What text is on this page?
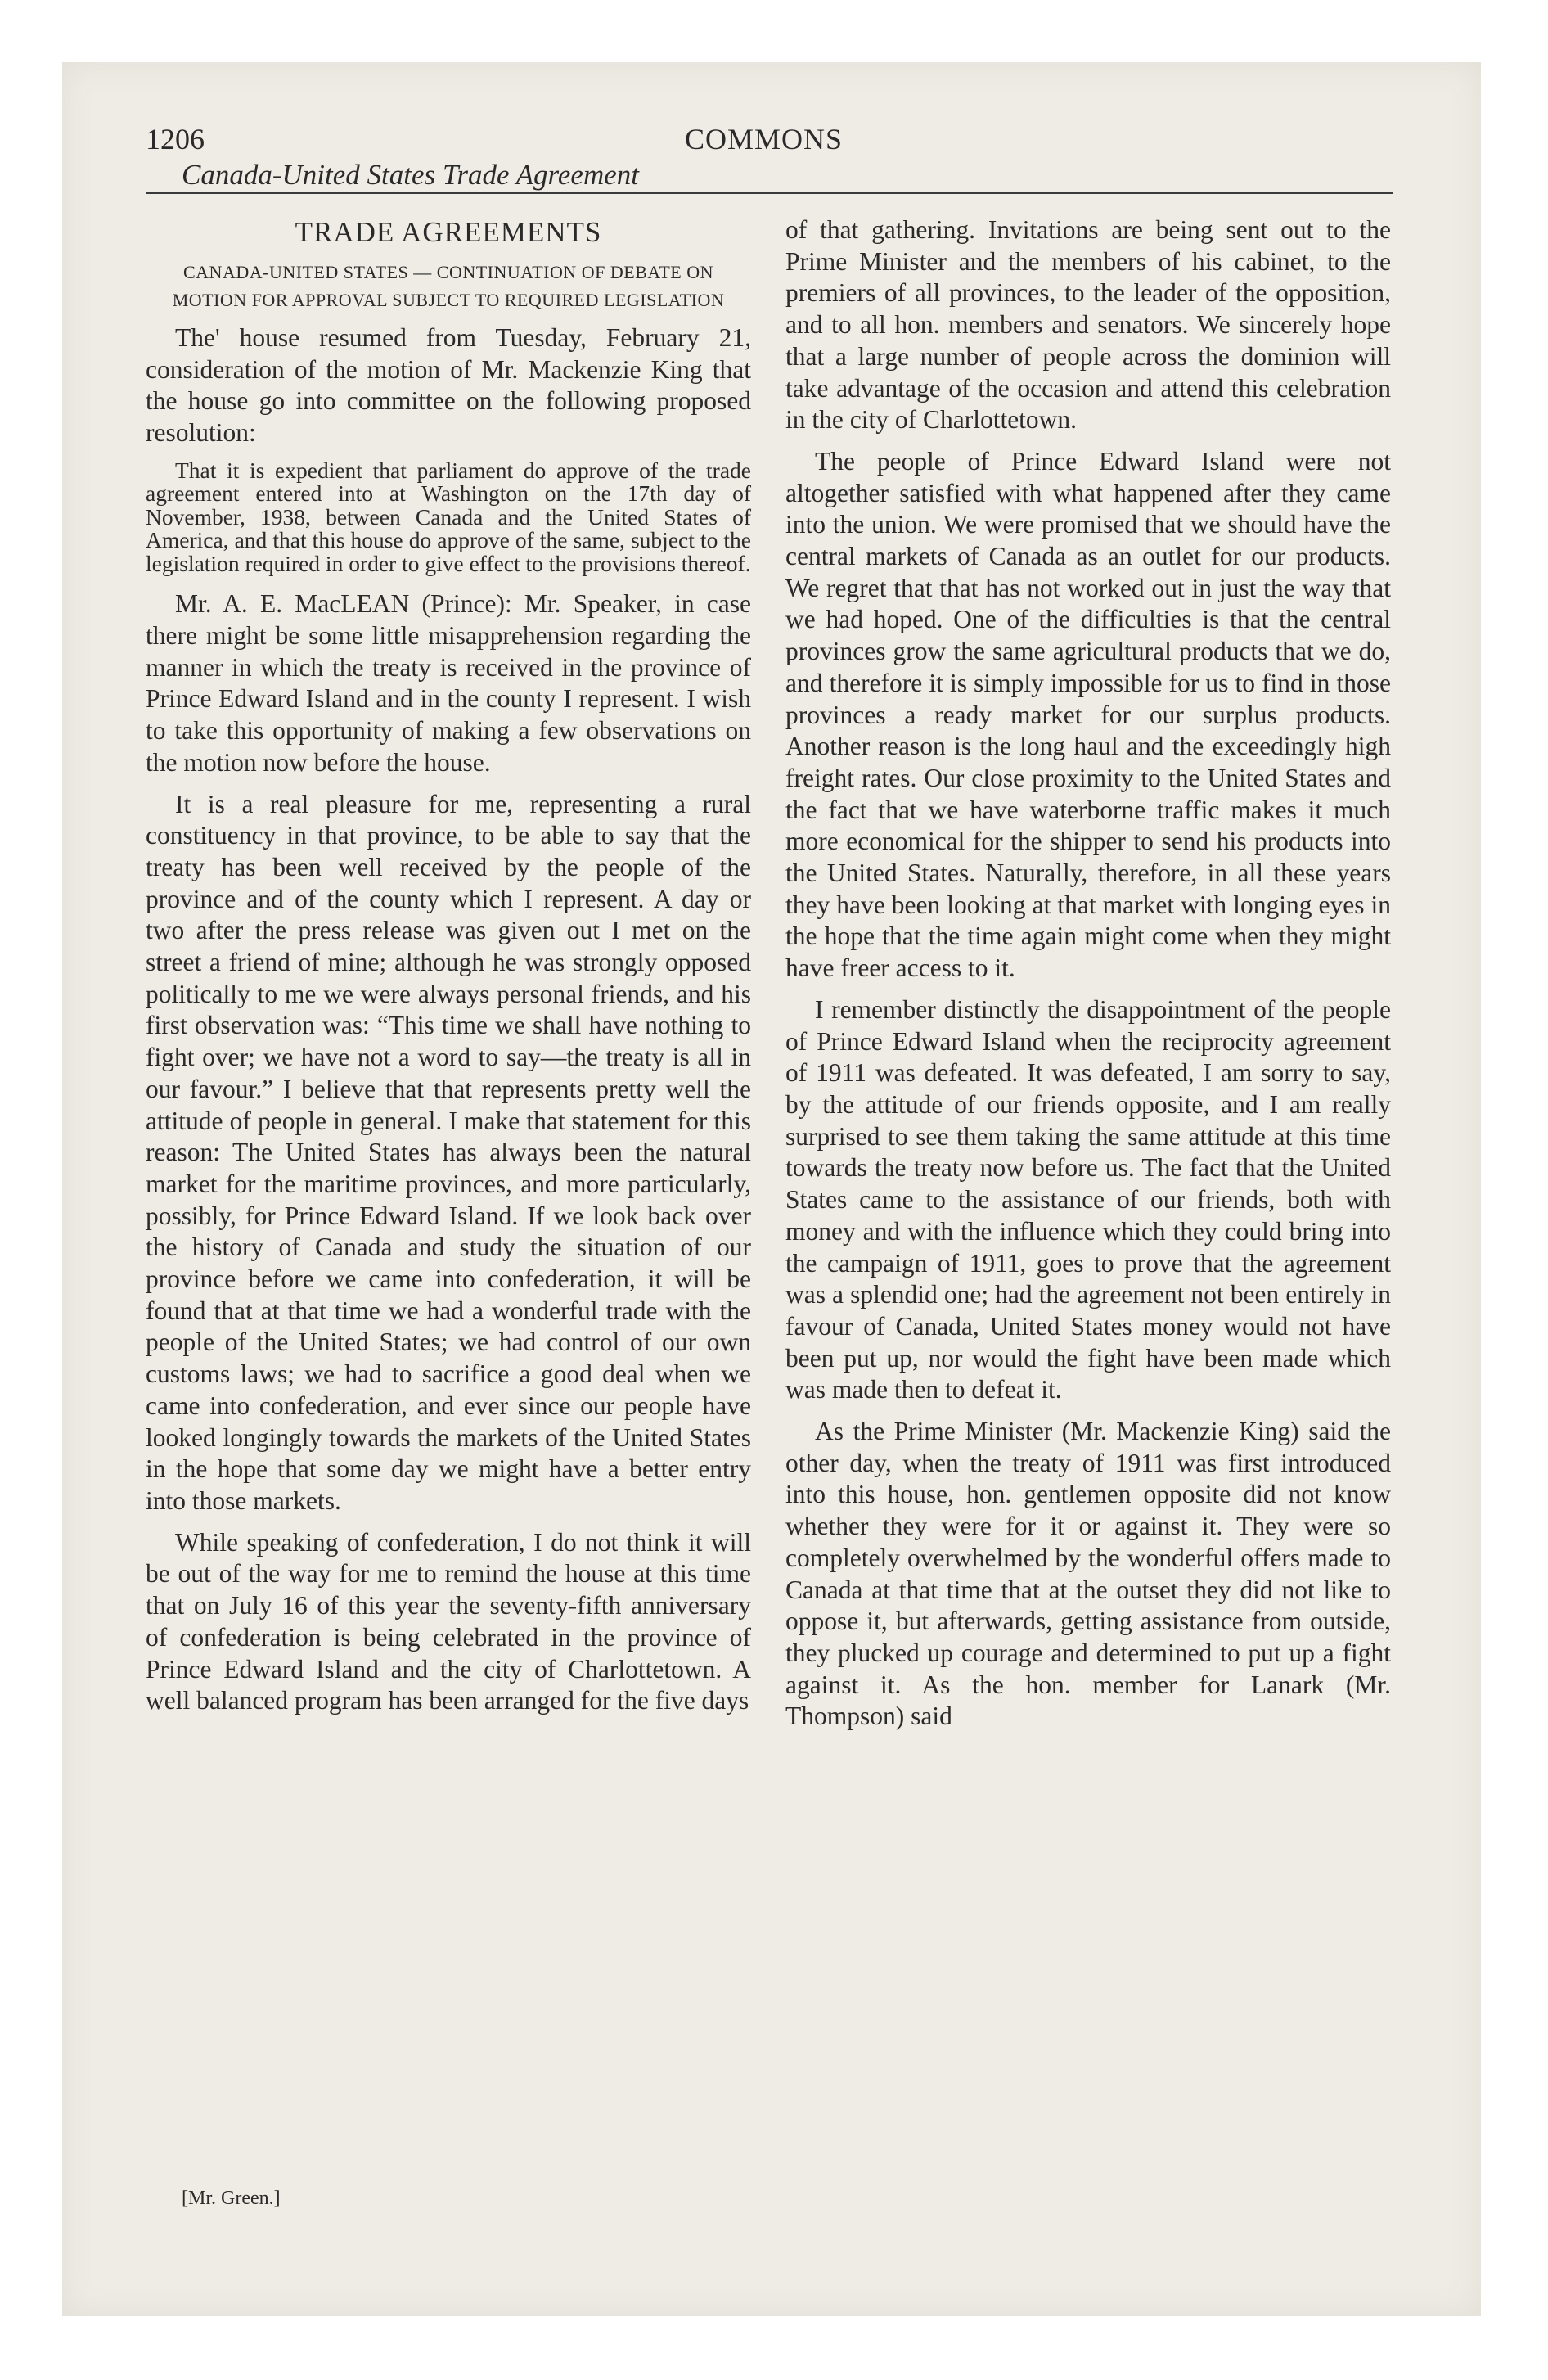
1206	COMMONS
Canada-United States Trade Agreement
TRADE AGREEMENTS
CANADA-UNITED STATES — CONTINUATION OF DEBATE ON MOTION FOR APPROVAL SUBJECT TO REQUIRED LEGISLATION

The' house resumed from Tuesday, February 21, consideration of the motion of Mr. Mackenzie King that the house go into committee on the following proposed resolution:

That it is expedient that parliament do approve of the trade agreement entered into at Washington on the 17th day of November, 1938, between Canada and the United States of America, and that this house do approve of the same, subject to the legislation required in order to give effect to the provisions thereof.

Mr. A. E. MacLEAN (Prince): Mr. Speaker, in case there might be some little misapprehension regarding the manner in which the treaty is received in the province of Prince Edward Island and in the county I represent. I wish to take this opportunity of making a few observations on the motion now before the house.

It is a real pleasure for me, representing a rural constituency in that province, to be able to say that the treaty has been well received by the people of the province and of the county which I represent. A day or two after the press release was given out I met on the street a friend of mine; although he was strongly opposed politically to me we were always personal friends, and his first observation was: “This time we shall have nothing to fight over; we have not a word to say—the treaty is all in our favour.” I believe that that represents pretty well the attitude of people in general. I make that statement for this reason: The United States has always been the natural market for the maritime provinces, and more particularly, possibly, for Prince Edward Island. If we look back over the history of Canada and study the situation of our province before we came into confederation, it will be found that at that time we had a wonderful trade with the people of the United States; we had control of our own customs laws; we had to sacrifice a good deal when we came into confederation, and ever since our people have looked longingly towards the markets of the United States in the hope that some day we might have a better entry into those markets.

While speaking of confederation, I do not think it will be out of the way for me to remind the house at this time that on July 16 of this year the seventy-fifth anniversary of confederation is being celebrated in the province of Prince Edward Island and the city of Charlottetown. A well balanced program has been arranged for the five days

of that gathering. Invitations are being sent out to the Prime Minister and the members of his cabinet, to the premiers of all provinces, to the leader of the opposition, and to all hon. members and senators. We sincerely hope that a large number of people across the dominion will take advantage of the occasion and attend this celebration in the city of Charlottetown.

The people of Prince Edward Island were not altogether satisfied with what happened after they came into the union. We were promised that we should have the central markets of Canada as an outlet for our products. We regret that that has not worked out in just the way that we had hoped. One of the difficulties is that the central provinces grow the same agricultural products that we do, and therefore it is simply impossible for us to find in those provinces a ready market for our surplus products. Another reason is the long haul and the exceedingly high freight rates. Our close proximity to the United States and the fact that we have waterborne traffic makes it much more economical for the shipper to send his products into the United States. Naturally, therefore, in all these years they have been looking at that market with longing eyes in the hope that the time again might come when they might have freer access to it.

I remember distinctly the disappointment of the people of Prince Edward Island when the reciprocity agreement of 1911 was defeated. It was defeated, I am sorry to say, by the attitude of our friends opposite, and I am really surprised to see them taking the same attitude at this time towards the treaty now before us. The fact that the United States came to the assistance of our friends, both with money and with the influence which they could bring into the campaign of 1911, goes to prove that the agreement was a splendid one; had the agreement not been entirely in favour of Canada, United States money would not have been put up, nor would the fight have been made which was made then to defeat it.

As the Prime Minister (Mr. Mackenzie King) said the other day, when the treaty of 1911 was first introduced into this house, hon. gentlemen opposite did not know whether they were for it or against it. They were so completely overwhelmed by the wonderful offers made to Canada at that time that at the outset they did not like to oppose it, but afterwards, getting assistance from outside, they plucked up courage and determined to put up a fight against it. As the hon. member for Lanark (Mr. Thompson) said

[Mr. Green.]
